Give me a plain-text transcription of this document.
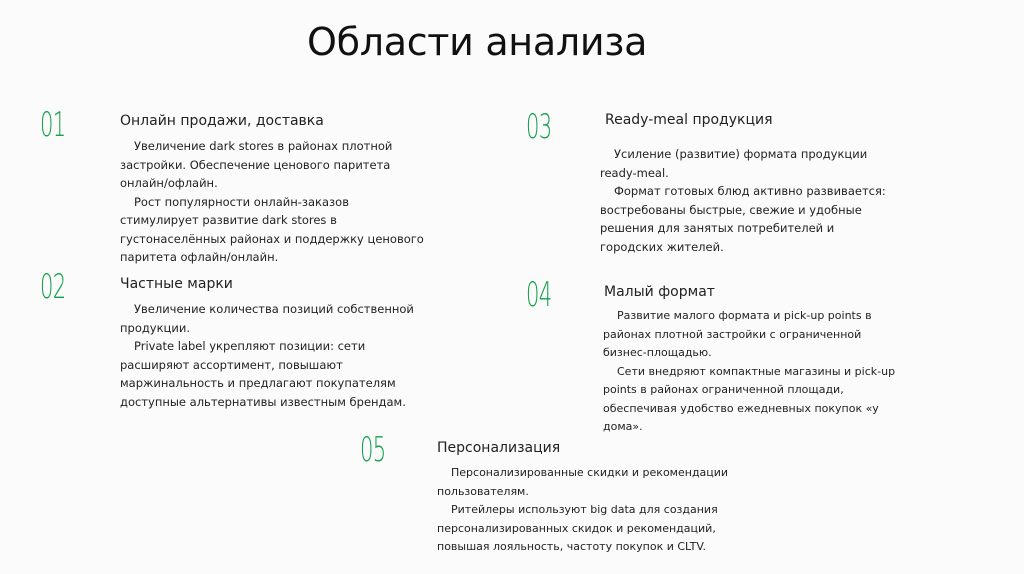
Области анализа
01	Онлайн продажи, доставка

Увеличение dark stores в районах плотной застройки. Обеспечение ценового паритета онлайн/офлайн.

Рост популярности онлайн-заказов стимулирует развитие dark stores в густонаселённых районах и поддержку ценового паритета офлайн/онлайн.

02	Частные марки

Увеличение количества позиций собственной продукции.

Private label укрепляют позиции: сети расширяют ассортимент, повышают маржинальность и предлагают покупателям доступные альтернативы известным брендам.

03	Ready-meal продукция

Усиление (развитие) формата продукции ready-meal.

Формат готовых блюд активно развивается: востребованы быстрые, свежие и удобные решения для занятых потребителей и городских жителей.

04	Малый формат

Развитие малого формата и pick-up points в районах плотной застройки с ограниченной бизнес-площадью.

Сети внедряют компактные магазины и pick-up points в районах ограниченной площади, обеспечивая удобство ежедневных покупок «у дома».

05	Персонализация

Персонализированные скидки и рекомендации пользователям.

Ритейлеры используют big data для создания персонализированных скидок и рекомендаций, повышая лояльность, частоту покупок и CLTV.
